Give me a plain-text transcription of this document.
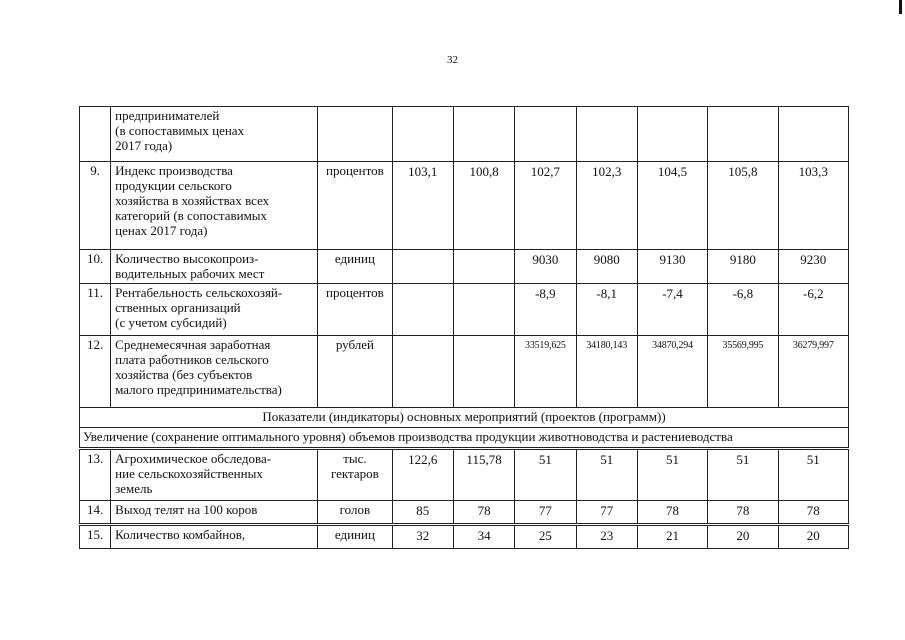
32
	предпринимателей
(в сопоставимых ценах
2017 года)								
9.	Индекс производства
продукции сельского
хозяйства в хозяйствах всех
категорий (в сопоставимых
ценах 2017 года)	процентов	103,1	100,8	102,7	102,3	104,5	105,8	103,3
10.	Количество высокопроиз-
водительных рабочих мест	единиц			9030	9080	9130	9180	9230
11.	Рентабельность сельскохозяй-
ственных организаций
(с учетом субсидий)	процентов			-8,9	-8,1	-7,4	-6,8	-6,2
12.	Среднемесячная заработная
плата работников сельского
хозяйства (без субъектов
малого предпринимательства)	рублей			33519,625	34180,143	34870,294	35569,995	36279,997
Показатели (индикаторы) основных мероприятий (проектов (программ))									
Увеличение (сохранение оптимального уровня) объемов производства продукции животноводства и растениеводства									
13.	Агрохимическое обследова-
ние сельскохозяйственных
земель	тыс.
гектаров	122,6	115,78	51	51	51	51	51
14.	Выход телят на 100 коров	голов	85	78	77	77	78	78	78
15.	Количество комбайнов,	единиц	32	34	25	23	21	20	20
